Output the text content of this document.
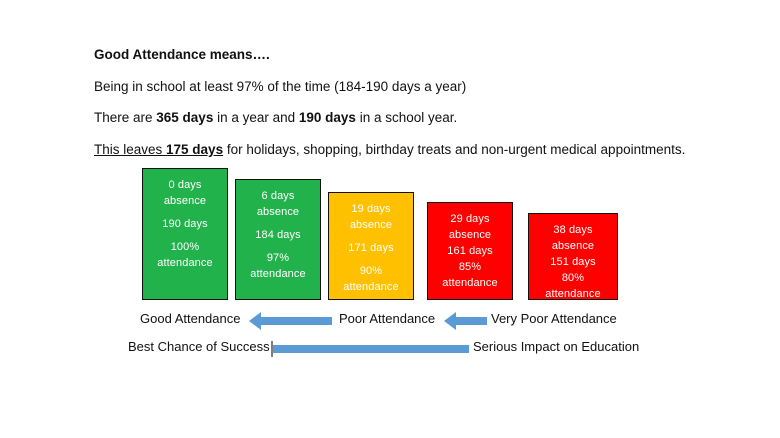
Good Attendance means….
Being in school at least 97% of the time (184-190 days a year)
There are 365 days in a year and 190 days in a school year.
This leaves 175 days for holidays, shopping, birthday treats and non-urgent medical appointments.
0 days
absence
190 days
100%
attendance
6 days
absence
184 days
97%
attendance
19 days
absence
171 days
90%
attendance
29 days
absence
161 days
85%
attendance
38 days
absence
151 days
80%
attendance
Good Attendance	Poor Attendance	Very Poor Attendance
Best Chance of Success	Serious Impact on Education
